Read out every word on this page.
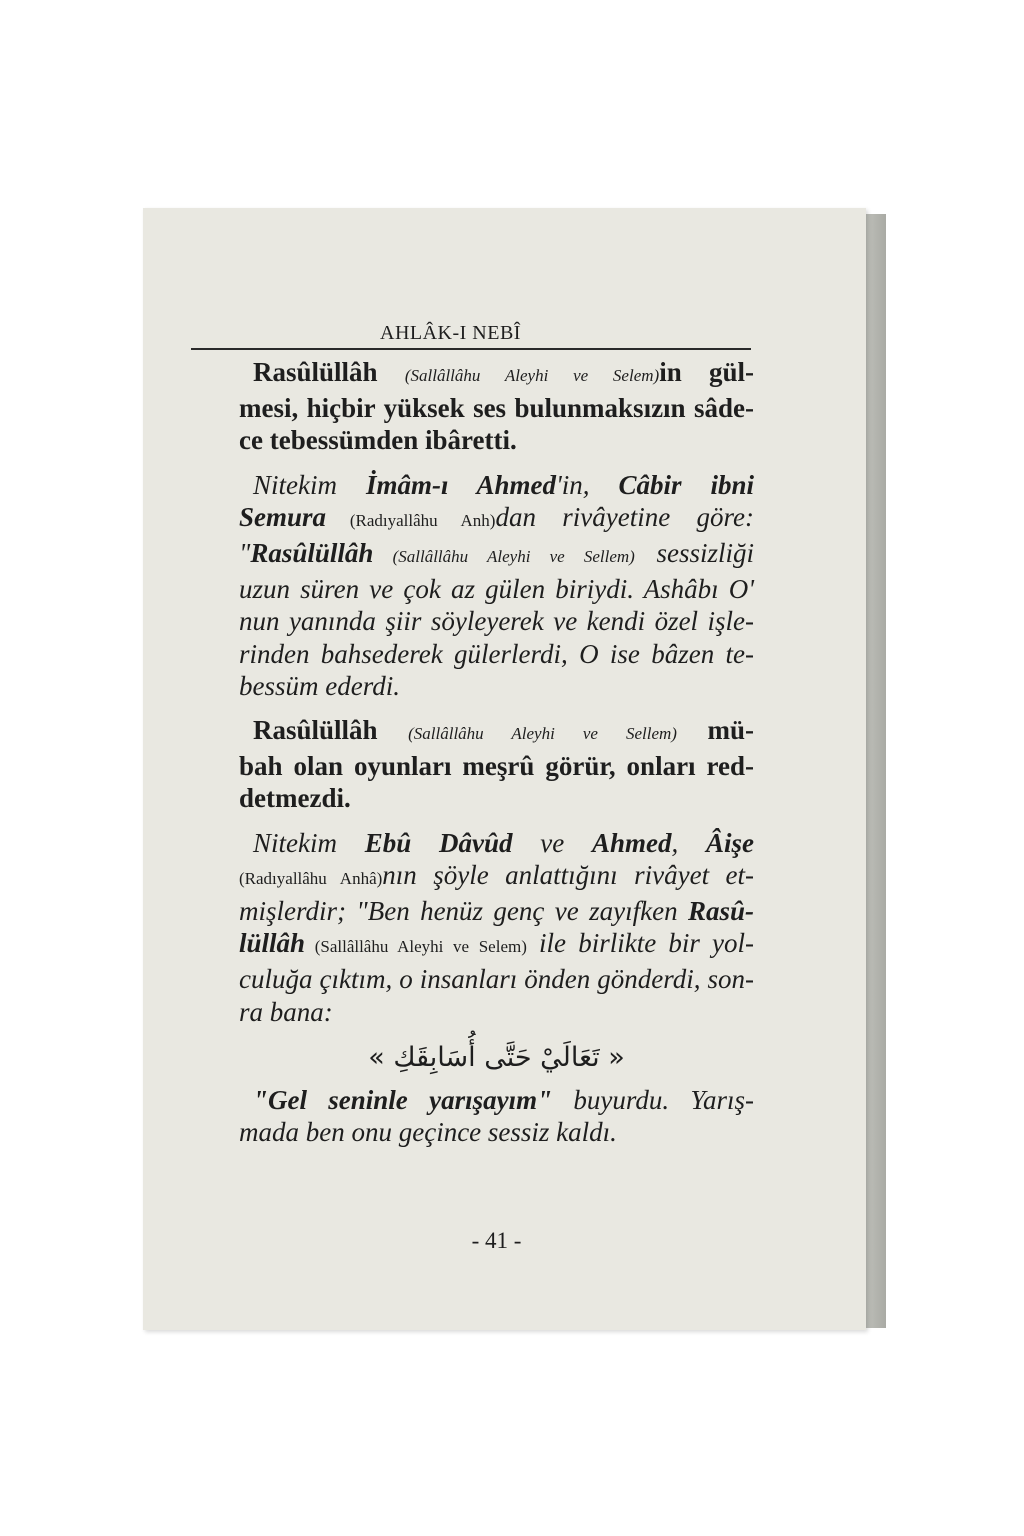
AHLÂK-I NEBÎ
Rasûlüllâh (Sallâllâhu Aleyhi ve Selem)in gül-
mesi, hiçbir yüksek ses bulunmaksızın sâde-
ce tebessümden ibâretti.
Nitekim İmâm-ı Ahmed'in, Câbir ibni
Semura (Radıyallâhu Anh)dan rivâyetine göre:
"Rasûlüllâh (Sallâllâhu Aleyhi ve Sellem) sessizliği
uzun süren ve çok az gülen biriydi. Ashâbı O'
nun yanında şiir söyleyerek ve kendi özel işle-
rinden bahsederek gülerlerdi, O ise bâzen te-
bessüm ederdi.
Rasûlüllâh (Sallâllâhu Aleyhi ve Sellem) mü-
bah olan oyunları meşrû görür, onları red-
detmezdi.
Nitekim Ebû Dâvûd ve Ahmed, Âişe
(Radıyallâhu Anhâ)nın şöyle anlattığını rivâyet et-
mişlerdir; "Ben henüz genç ve zayıfken Rasû-
lüllâh (Sallâllâhu Aleyhi ve Selem) ile birlikte bir yol-
culuğa çıktım, o insanları önden gönderdi, son-
ra bana:
« تَعَالَيْ حَتَّى أُسَابِقَكِ »
"Gel seninle yarışayım" buyurdu. Yarış-
mada ben onu geçince sessiz kaldı.
- 41 -
